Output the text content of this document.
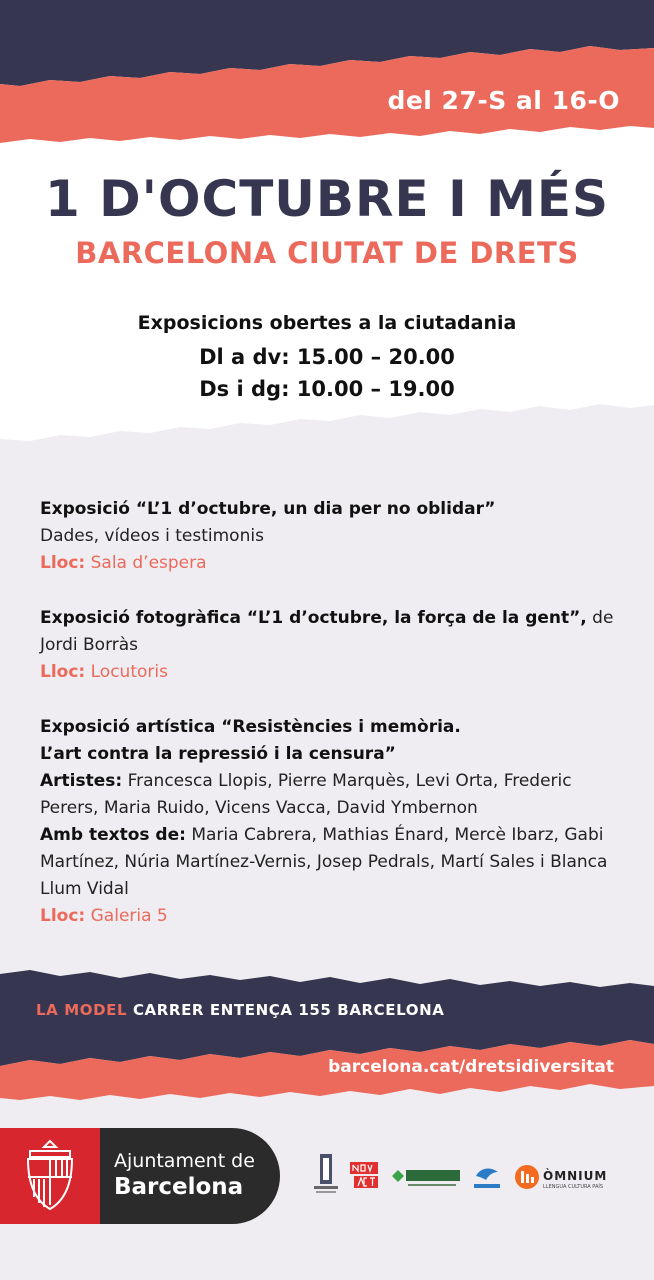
del 27-S al 16-O
1 D'OCTUBRE I MÉS
BARCELONA CIUTAT DE DRETS
Exposicions obertes a la ciutadania
Dl a dv: 15.00 – 20.00
Ds i dg: 10.00 – 19.00
Exposició “L’1 d’octubre, un dia per no oblidar”
Dades, vídeos i testimonis
Lloc: Sala d’espera
Exposició fotogràfica “L’1 d’octubre, la força de la gent”, de Jordi Borràs
Lloc: Locutoris
Exposició artística “Resistències i memòria.
L’art contra la repressió i la censura”
Artistes: Francesca Llopis, Pierre Marquès, Levi Orta, Frederic Perers, Maria Ruido, Vicens Vacca, David Ymbernon
Amb textos de: Maria Cabrera, Mathias Énard, Mercè Ibarz, Gabi Martínez, Núria Martínez-Vernis, Josep Pedrals, Martí Sales i Blanca Llum Vidal
Lloc: Galeria 5
LA MODEL CARRER ENTENÇA 155 BARCELONA
barcelona.cat/dretsidiversitat
Ajuntament de
Barcelona	ÒMNIUM
LLENGUA CULTURA PAÍS
